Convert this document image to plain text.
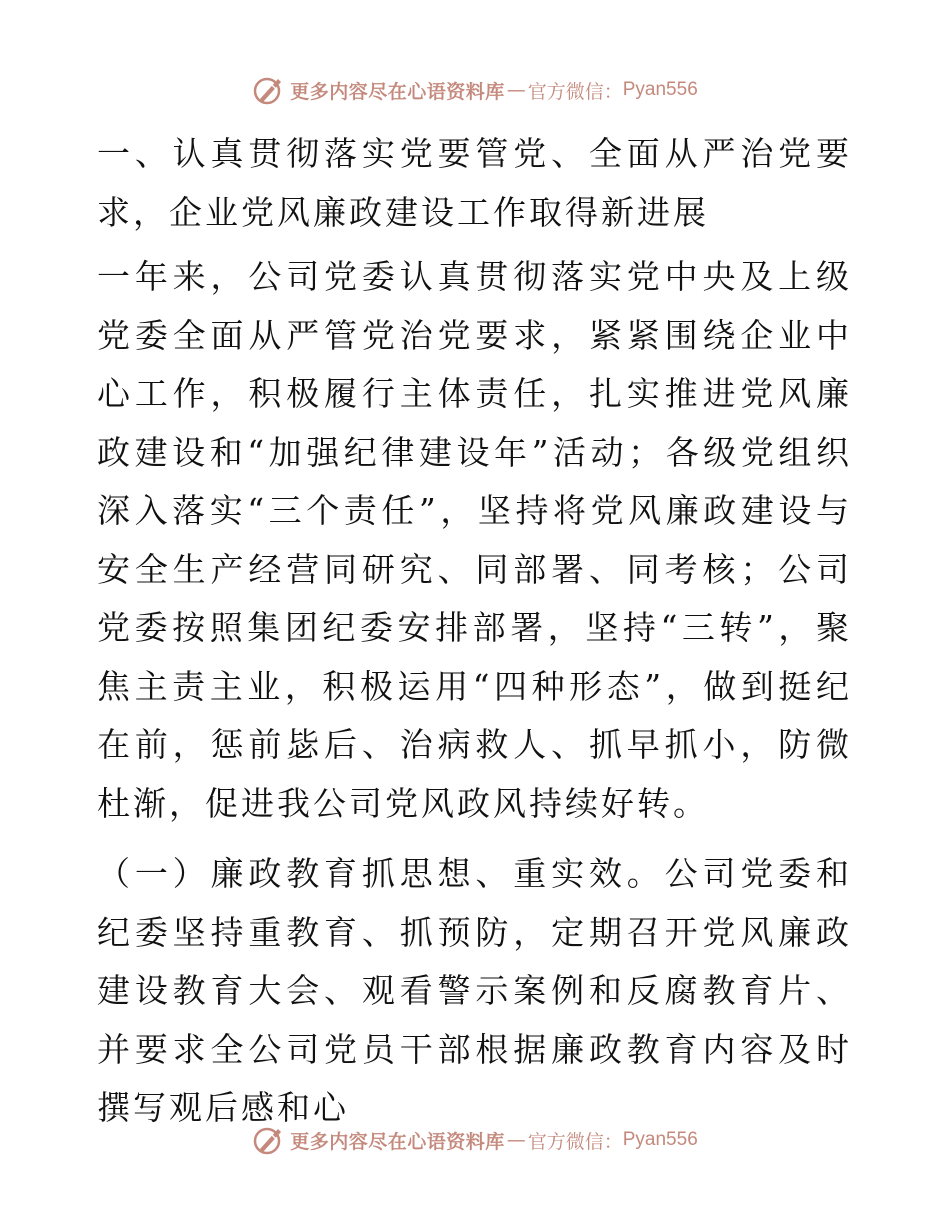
更多内容尽在心语资料库 — 官方微信： Pyan556

一、认真贯彻落实党要管党、全面从严治党要求，企业党风廉政建设工作取得新进展

一年来，公司党委认真贯彻落实党中央及上级党委全面从严管党治党要求，紧紧围绕企业中心工作，积极履行主体责任，扎实推进党风廉政建设和“加强纪律建设年”活动；各级党组织深入落实“三个责任”，坚持将党风廉政建设与安全生产经营同研究、同部署、同考核；公司党委按照集团纪委安排部署，坚持“三转”，聚焦主责主业，积极运用“四种形态”，做到挺纪在前，惩前毖后、治病救人、抓早抓小，防微杜渐，促进我公司党风政风持续好转。

（一）廉政教育抓思想、重实效。公司党委和纪委坚持重教育、抓预防，定期召开党风廉政建设教育大会、观看警示案例和反腐教育片、并要求全公司党员干部根据廉政教育内容及时撰写观后感和心

更多内容尽在心语资料库 — 官方微信： Pyan556
